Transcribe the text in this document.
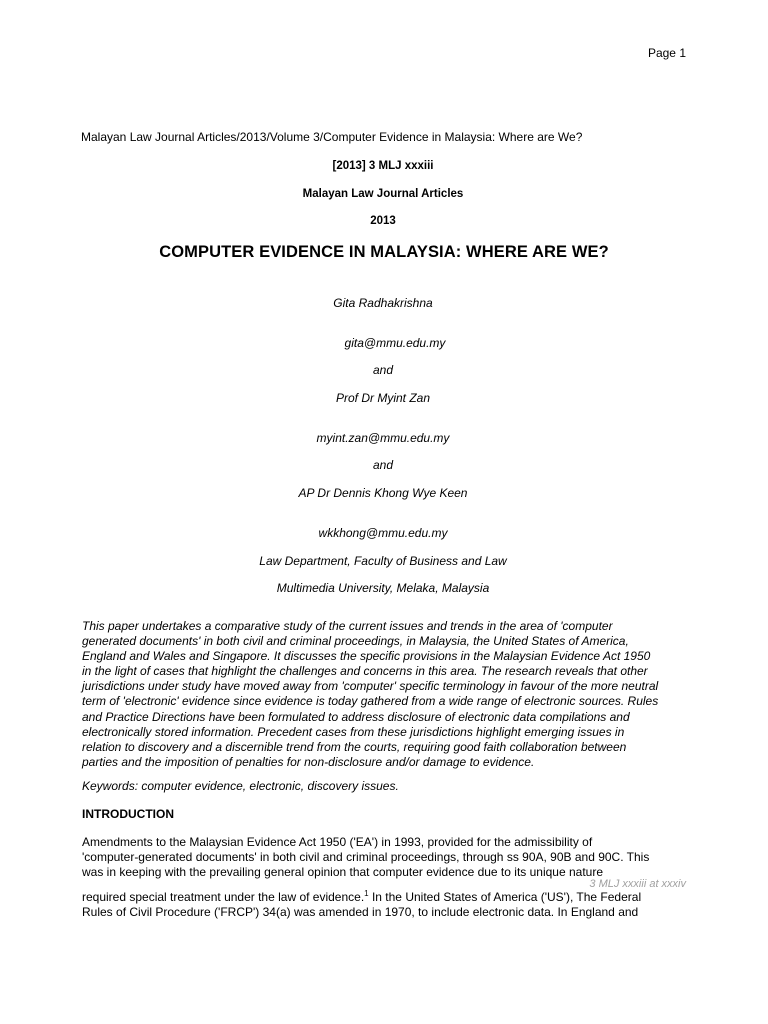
Page 1
Malayan Law Journal Articles/2013/Volume 3/Computer Evidence in Malaysia: Where are We?
[2013] 3 MLJ xxxiii
Malayan Law Journal Articles
2013
COMPUTER EVIDENCE IN MALAYSIA: WHERE ARE WE?
Gita Radhakrishna
gita@mmu.edu.my
and
Prof Dr Myint Zan
myint.zan@mmu.edu.my
and
AP Dr Dennis Khong Wye Keen
wkkhong@mmu.edu.my
Law Department, Faculty of Business and Law
Multimedia University, Melaka, Malaysia

This paper undertakes a comparative study of the current issues and trends in the area of 'computer
generated documents' in both civil and criminal proceedings, in Malaysia, the United States of America,
England and Wales and Singapore. It discusses the specific provisions in the Malaysian Evidence Act 1950
in the light of cases that highlight the challenges and concerns in this area. The research reveals that other
jurisdictions under study have moved away from 'computer' specific terminology in favour of the more neutral
term of 'electronic' evidence since evidence is today gathered from a wide range of electronic sources. Rules
and Practice Directions have been formulated to address disclosure of electronic data compilations and
electronically stored information. Precedent cases from these jurisdictions highlight emerging issues in
relation to discovery and a discernible trend from the courts, requiring good faith collaboration between
parties and the imposition of penalties for non-disclosure and/or damage to evidence.

Keywords: computer evidence, electronic, discovery issues.

INTRODUCTION

Amendments to the Malaysian Evidence Act 1950 ('EA') in 1993, provided for the admissibility of
'computer-generated documents' in both civil and criminal proceedings, through ss 90A, 90B and 90C. This
was in keeping with the prevailing general opinion that computer evidence due to its unique nature

3 MLJ xxxiii at xxxiv

required special treatment under the law of evidence.$^1$ In the United States of America ('US'), The Federal
Rules of Civil Procedure ('FRCP') 34(a) was amended in 1970, to include electronic data. In England and
